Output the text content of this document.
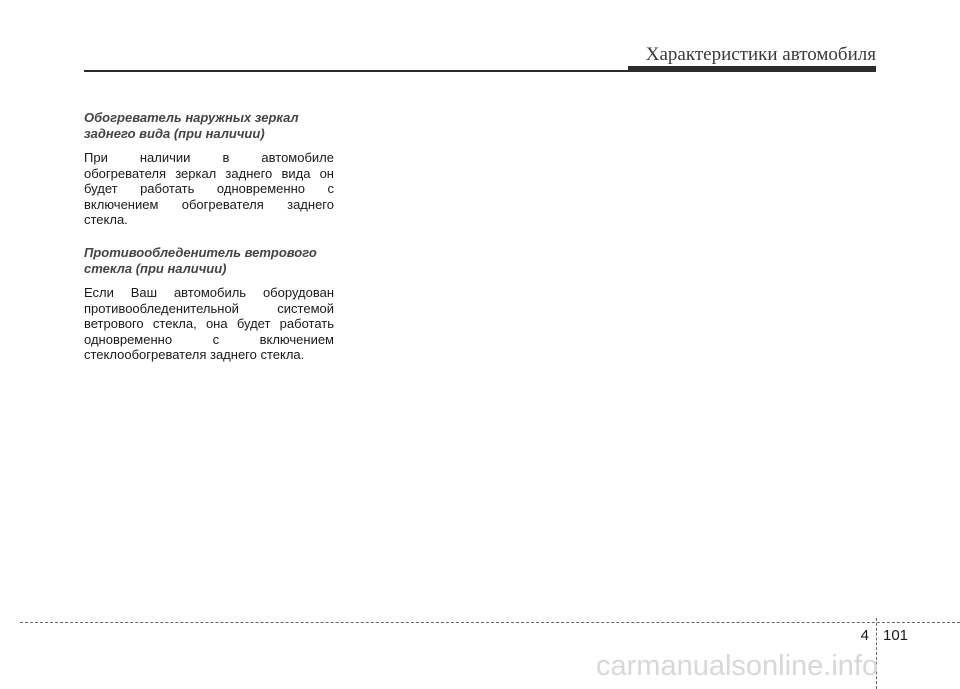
Характеристики автомобиля
Обогреватель наружных зеркал
заднего вида (при наличии)
При наличии в автомобиле обогревателя зеркал заднего вида он будет работать одновременно с включением обогревателя заднего стекла.
Противообледенитель ветрового
стекла (при наличии)
Если Ваш автомобиль оборудован противообледенительной системой ветрового стекла, она будет работать одновременно с включением стеклообогревателя заднего стекла.
4 101
carmanualsonline.info
